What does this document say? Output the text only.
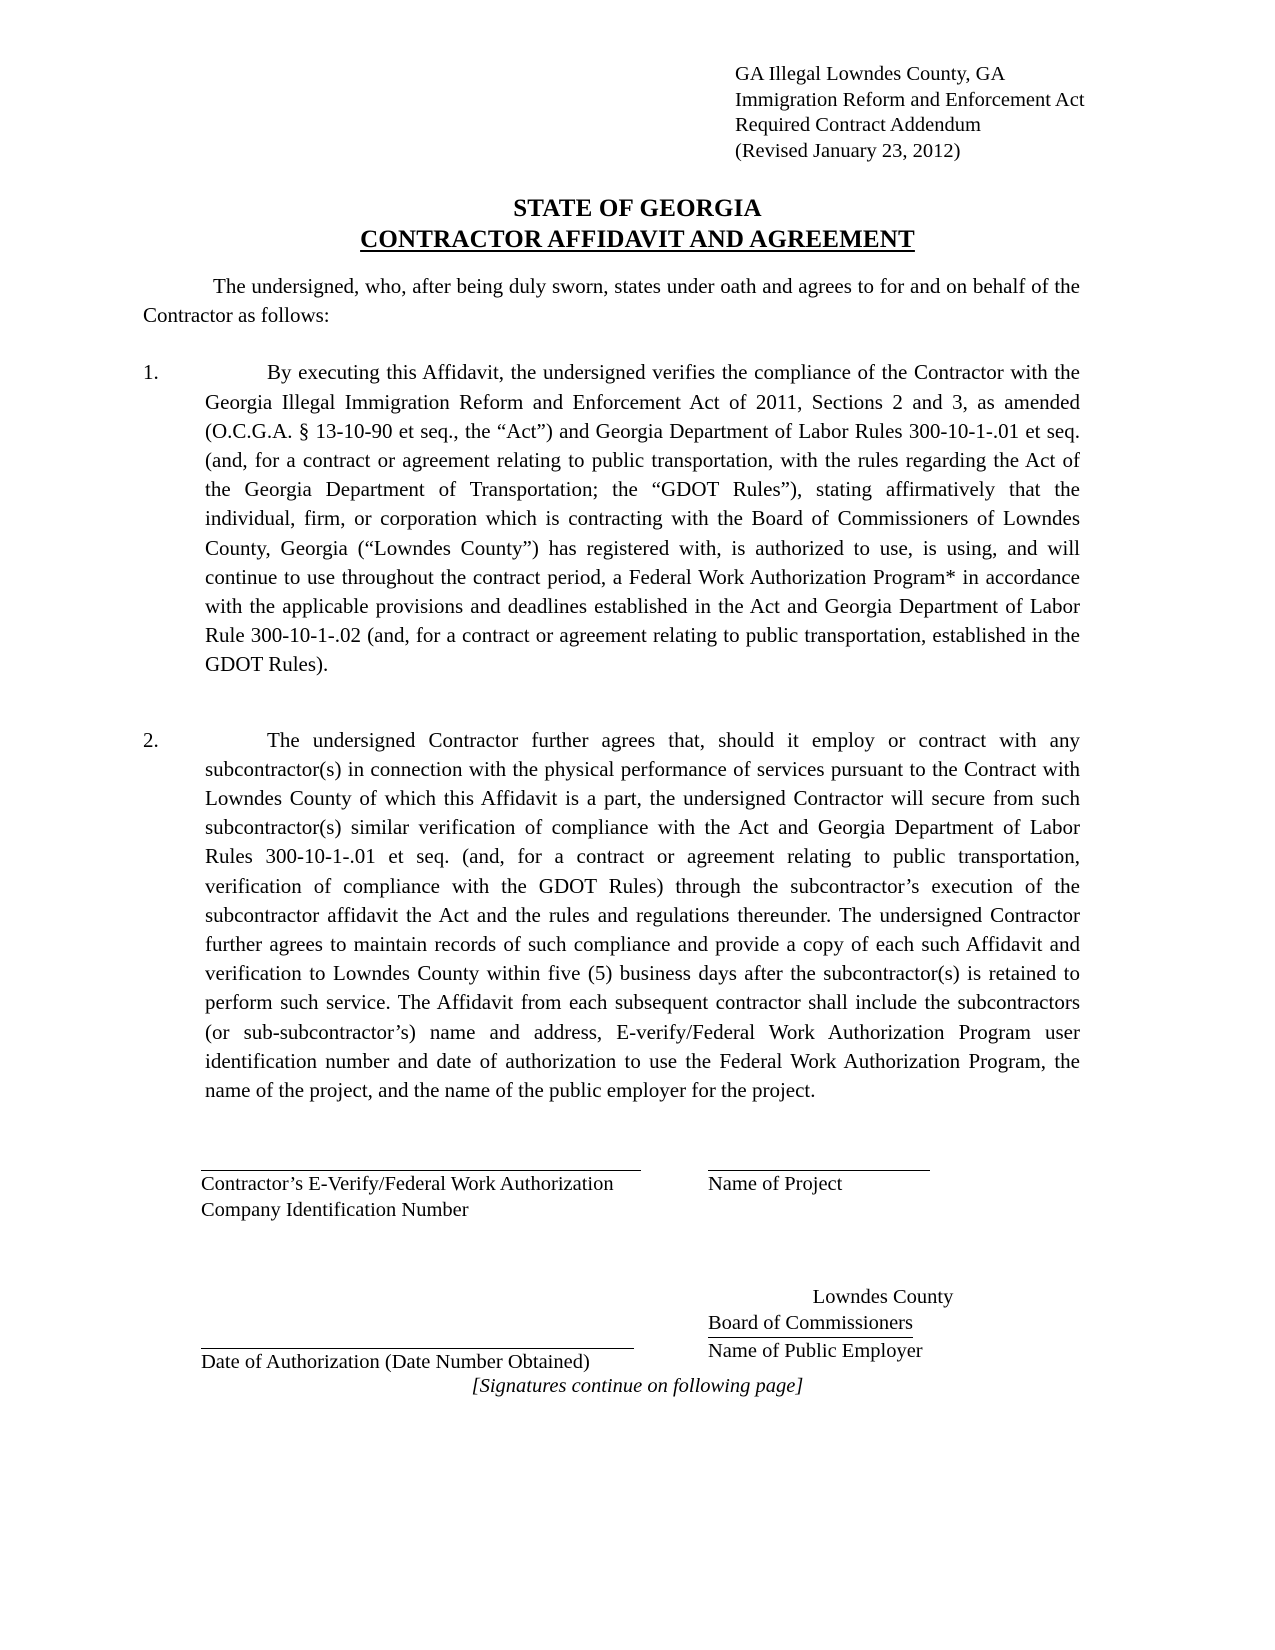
GA Illegal Lowndes County, GA
Immigration Reform and Enforcement Act
Required Contract Addendum
(Revised January 23, 2012)
STATE OF GEORGIA
CONTRACTOR AFFIDAVIT AND AGREEMENT

The undersigned, who, after being duly sworn, states under oath and agrees to for and on behalf of the Contractor as follows:

1.	By executing this Affidavit, the undersigned verifies the compliance of the Contractor with the Georgia Illegal Immigration Reform and Enforcement Act of 2011, Sections 2 and 3, as amended (O.C.G.A. § 13-10-90 et seq., the “Act”) and Georgia Department of Labor Rules 300-10-1-.01 et seq. (and, for a contract or agreement relating to public transportation, with the rules regarding the Act of the Georgia Department of Transportation; the “GDOT Rules”), stating affirmatively that the individual, firm, or corporation which is contracting with the Board of Commissioners of Lowndes County, Georgia (“Lowndes County”) has registered with, is authorized to use, is using, and will continue to use throughout the contract period, a Federal Work Authorization Program* in accordance with the applicable provisions and deadlines established in the Act and Georgia Department of Labor Rule 300-10-1-.02 (and, for a contract or agreement relating to public transportation, established in the GDOT Rules).

2.	The undersigned Contractor further agrees that, should it employ or contract with any subcontractor(s) in connection with the physical performance of services pursuant to the Contract with Lowndes County of which this Affidavit is a part, the undersigned Contractor will secure from such subcontractor(s) similar verification of compliance with the Act and Georgia Department of Labor Rules 300-10-1-.01 et seq. (and, for a contract or agreement relating to public transportation, verification of compliance with the GDOT Rules) through the subcontractor’s execution of the subcontractor affidavit the Act and the rules and regulations thereunder. The undersigned Contractor further agrees to maintain records of such compliance and provide a copy of each such Affidavit and verification to Lowndes County within five (5) business days after the subcontractor(s) is retained to perform such service. The Affidavit from each subsequent contractor shall include the subcontractors (or sub-subcontractor’s) name and address, E-verify/Federal Work Authorization Program user identification number and date of authorization to use the Federal Work Authorization Program, the name of the project, and the name of the public employer for the project.

Contractor’s E-Verify/Federal Work Authorization
Company Identification Number
Name of Project
Date of Authorization (Date Number Obtained)
Lowndes County
Board of Commissioners
Name of Public Employer
[Signatures continue on following page]
